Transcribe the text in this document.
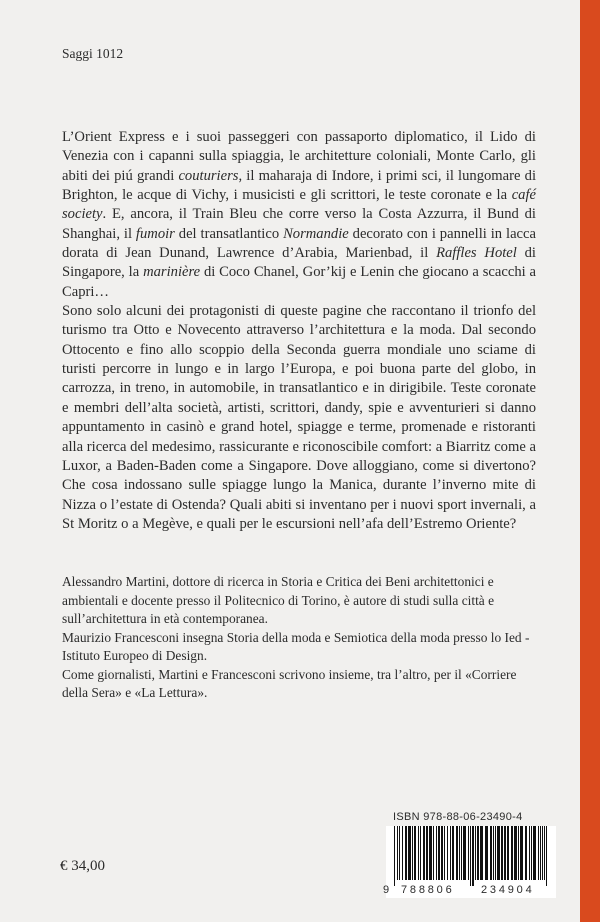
Saggi 1012

L’Orient Express e i suoi passeggeri con passaporto diplomatico, il Lido di Venezia con i capanni sulla spiaggia, le architetture coloniali, Monte Carlo, gli abiti dei piú grandi couturiers, il maharaja di Indore, i primi sci, il lungomare di Brighton, le acque di Vichy, i musicisti e gli scrittori, le teste coronate e la café society. E, ancora, il Train Bleu che corre verso la Costa Azzurra, il Bund di Shanghai, il fumoir del transatlantico Normandie decorato con i pannelli in lacca dorata di Jean Dunand, Lawrence d’Arabia, Marienbad, il Raffles Hotel di Singapore, la marinière di Coco Chanel, Gor’kij e Lenin che giocano a scacchi a Capri…

Sono solo alcuni dei protagonisti di queste pagine che raccontano il trionfo del turismo tra Otto e Novecento attraverso l’architettura e la moda. Dal secondo Ottocento e fino allo scoppio della Seconda guerra mondiale uno sciame di turisti percorre in lungo e in largo l’Europa, e poi buona parte del globo, in carrozza, in treno, in automobile, in transatlantico e in dirigibile. Teste coronate e membri dell’alta società, artisti, scrittori, dandy, spie e avventurieri si danno appuntamento in casinò e grand hotel, spiagge e terme, promenade e ristoranti alla ricerca del medesimo, rassicurante e riconoscibile comfort: a Biarritz come a Luxor, a Baden-Baden come a Singapore. Dove alloggiano, come si divertono? Che cosa indossano sulle spiagge lungo la Manica, durante l’inverno mite di Nizza o l’estate di Ostenda? Quali abiti si inventano per i nuovi sport invernali, a St Moritz o a Megève, e quali per le escursioni nell’afa dell’Estremo Oriente?

Alessandro Martini, dottore di ricerca in Storia e Critica dei Beni architettonici e ambientali e docente presso il Politecnico di Torino, è autore di studi sulla città e sull’architettura in età contemporanea.

Maurizio Francesconi insegna Storia della moda e Semiotica della moda presso lo Ied - Istituto Europeo di Design.

Come giornalisti, Martini e Francesconi scrivono insieme, tra l’altro, per il «Corriere della Sera» e «La Lettura».

ISBN 978-88-06-23490-4
9	788806	234904
€ 34,00
